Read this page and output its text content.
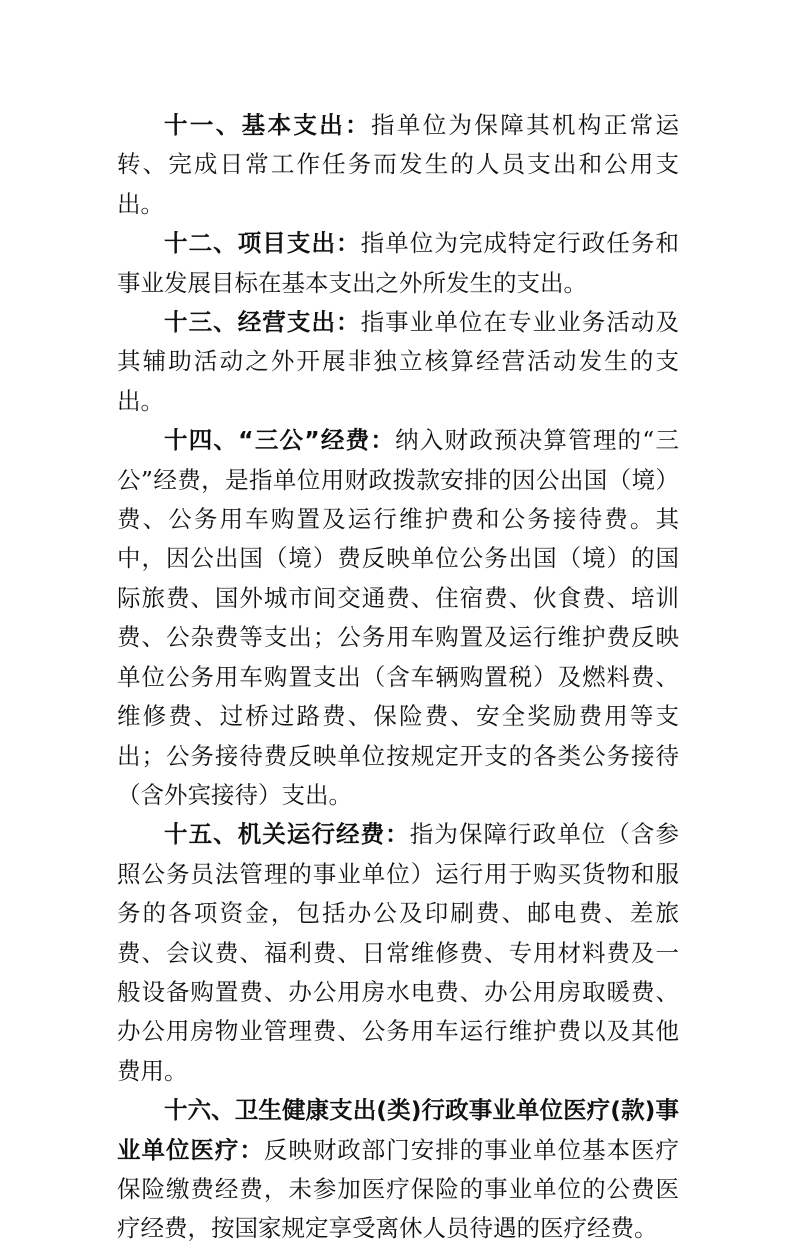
十一、基本支出：指单位为保障其机构正常运转、完成日常工作任务而发生的人员支出和公用支出。

十二、项目支出：指单位为完成特定行政任务和事业发展目标在基本支出之外所发生的支出。

十三、经营支出：指事业单位在专业业务活动及其辅助活动之外开展非独立核算经营活动发生的支出。

十四、“三公”经费：纳入财政预决算管理的“三公”经费，是指单位用财政拨款安排的因公出国（境）费、公务用车购置及运行维护费和公务接待费。其中，因公出国（境）费反映单位公务出国（境）的国际旅费、国外城市间交通费、住宿费、伙食费、培训费、公杂费等支出；公务用车购置及运行维护费反映单位公务用车购置支出（含车辆购置税）及燃料费、维修费、过桥过路费、保险费、安全奖励费用等支出；公务接待费反映单位按规定开支的各类公务接待（含外宾接待）支出。

十五、机关运行经费：指为保障行政单位（含参照公务员法管理的事业单位）运行用于购买货物和服务的各项资金，包括办公及印刷费、邮电费、差旅费、会议费、福利费、日常维修费、专用材料费及一般设备购置费、办公用房水电费、办公用房取暖费、办公用房物业管理费、公务用车运行维护费以及其他费用。

十六、卫生健康支出(类)行政事业单位医疗(款)事业单位医疗：反映财政部门安排的事业单位基本医疗保险缴费经费，未参加医疗保险的事业单位的公费医疗经费，按国家规定享受离休人员待遇的医疗经费。
